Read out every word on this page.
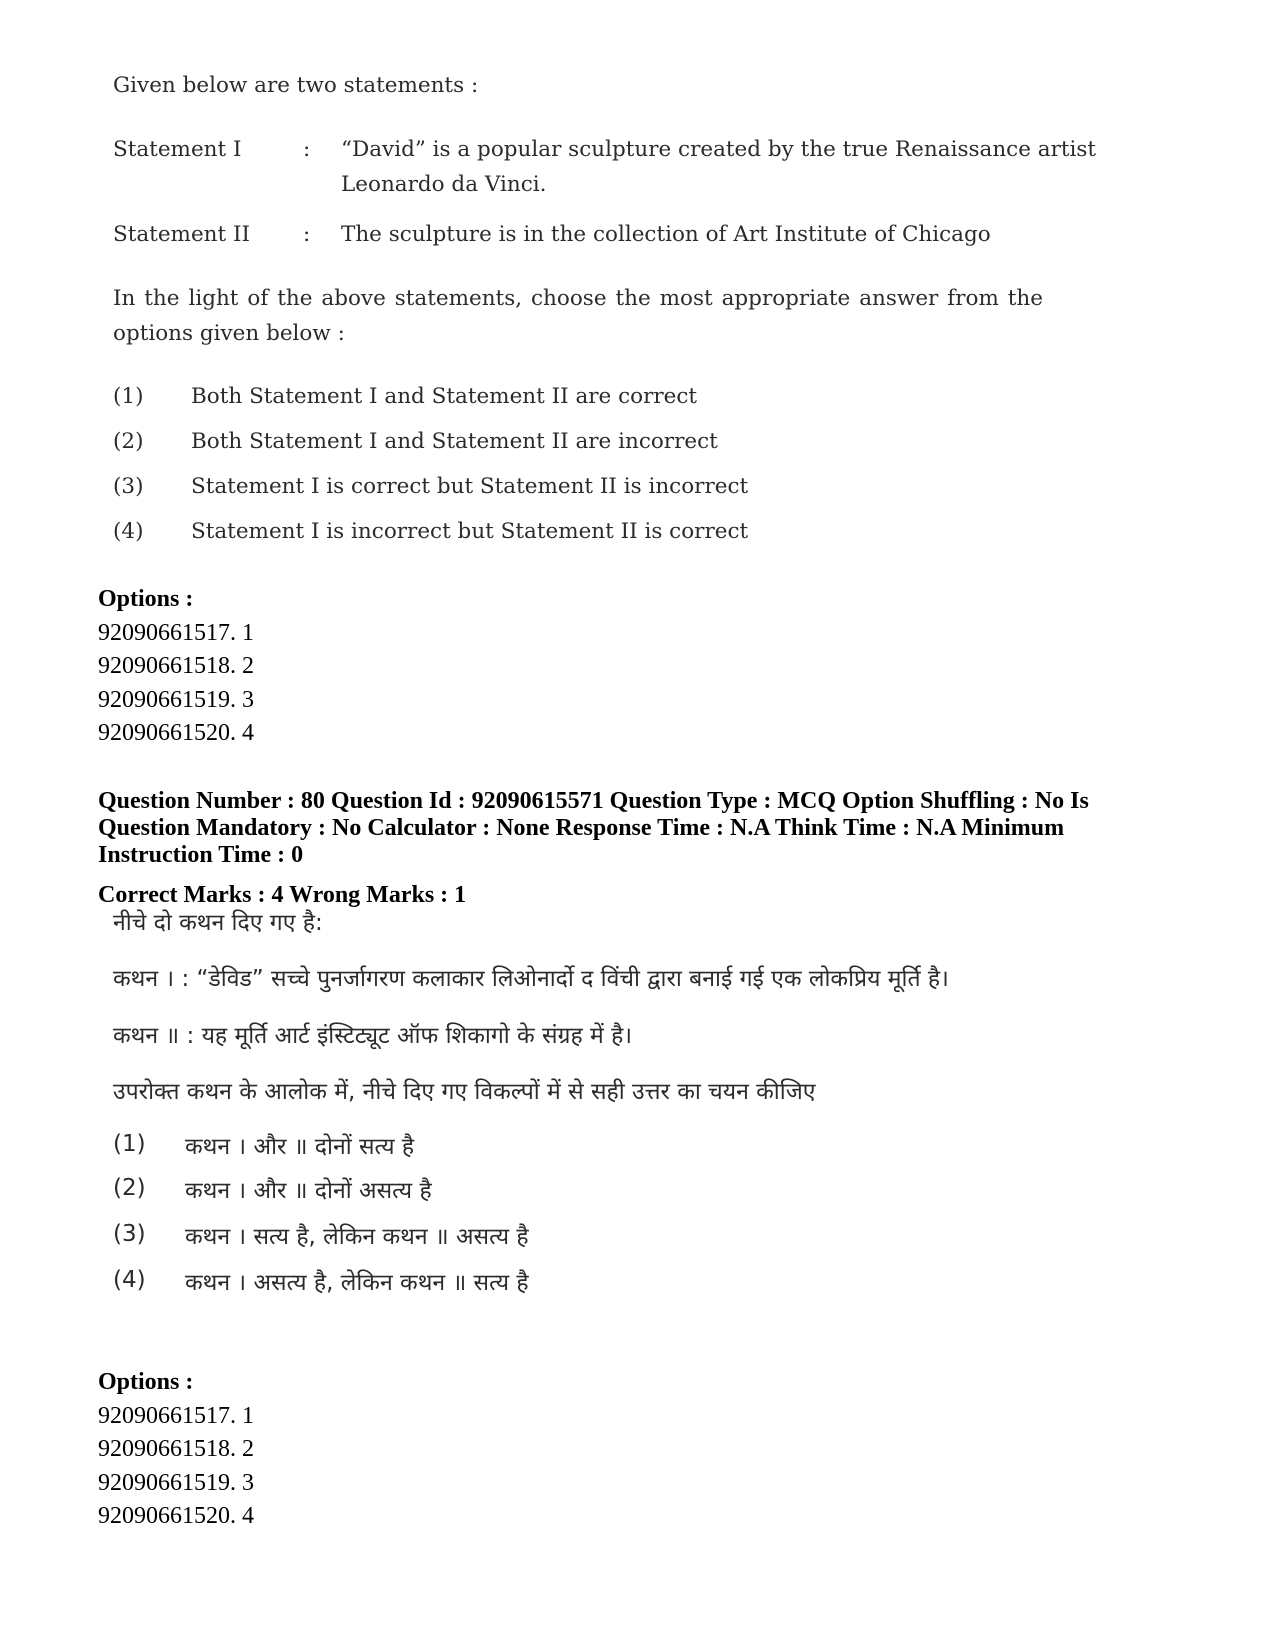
Given below are two statements :
Statement I	: “David” is a popular sculpture created by the true Renaissance artist Leonardo da Vinci.
Statement II : The sculpture is in the collection of Art Institute of Chicago
In the light of the above statements, choose the most appropriate answer from the options given below :
(1) Both Statement I and Statement II are correct
(2) Both Statement I and Statement II are incorrect
(3) Statement I is correct but Statement II is incorrect
(4) Statement I is incorrect but Statement II is correct
Options :
92090661517. 1
92090661518. 2
92090661519. 3
92090661520. 4
Question Number : 80 Question Id : 92090615571 Question Type : MCQ Option Shuffling : No Is Question Mandatory : No Calculator : None Response Time : N.A Think Time : N.A Minimum Instruction Time : 0
Correct Marks : 4 Wrong Marks : 1
नीचे दो कथन दिए गए है:
कथन । : “डेविड” सच्चे पुनर्जागरण कलाकार लिओनार्दो द विंची द्वारा बनाई गई एक लोकप्रिय मूर्ति है।
कथन ॥ : यह मूर्ति आर्ट इंस्टिट्यूट ऑफ शिकागो के संग्रह में है।
उपरोक्त कथन के आलोक में, नीचे दिए गए विकल्पों में से सही उत्तर का चयन कीजिए
(1) कथन । और ॥ दोनों सत्य है
(2) कथन । और ॥ दोनों असत्य है
(3) कथन । सत्य है, लेकिन कथन ॥ असत्य है
(4) कथन । असत्य है, लेकिन कथन ॥ सत्य है
Options :
92090661517. 1
92090661518. 2
92090661519. 3
92090661520. 4
